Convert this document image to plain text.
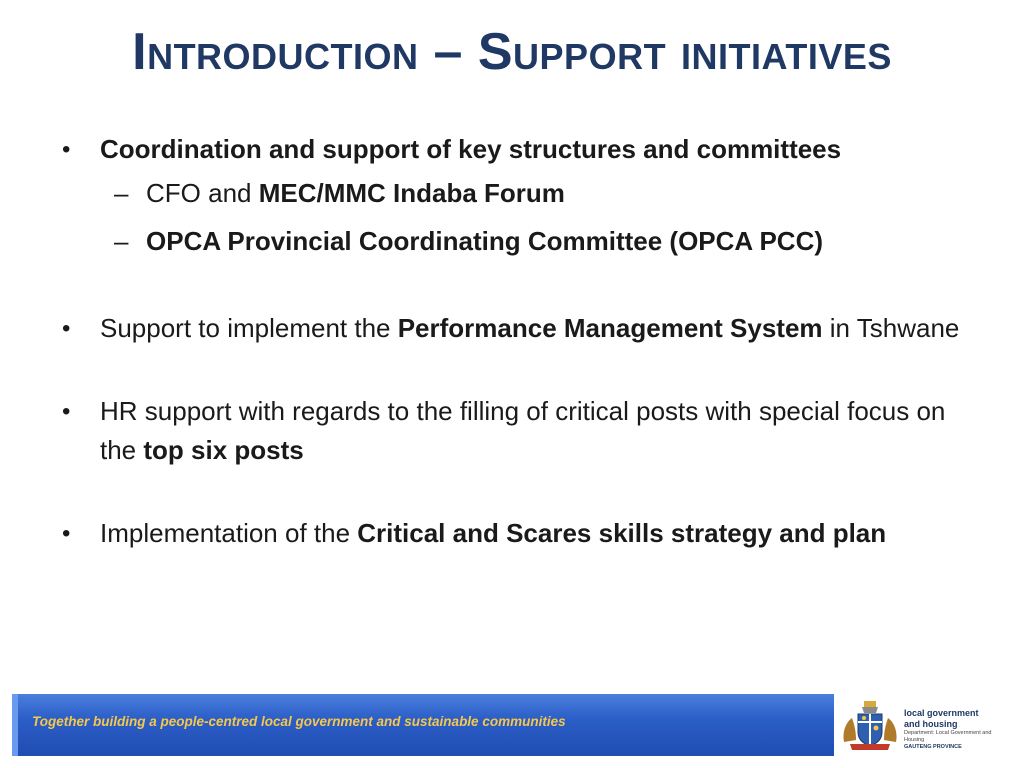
Introduction – Support initiatives
•	Coordination and support of key structures and committees
– CFO and MEC/MMC Indaba Forum
– OPCA Provincial Coordinating Committee (OPCA PCC)
•	Support to implement the Performance Management System in Tshwane
•	HR support with regards to the filling of critical posts with special focus on the top six posts
•	Implementation of the Critical and Scares skills strategy and plan
Together building a people-centred local government and sustainable communities
local government
and housing
Department: Local Government and Housing
GAUTENG PROVINCE
